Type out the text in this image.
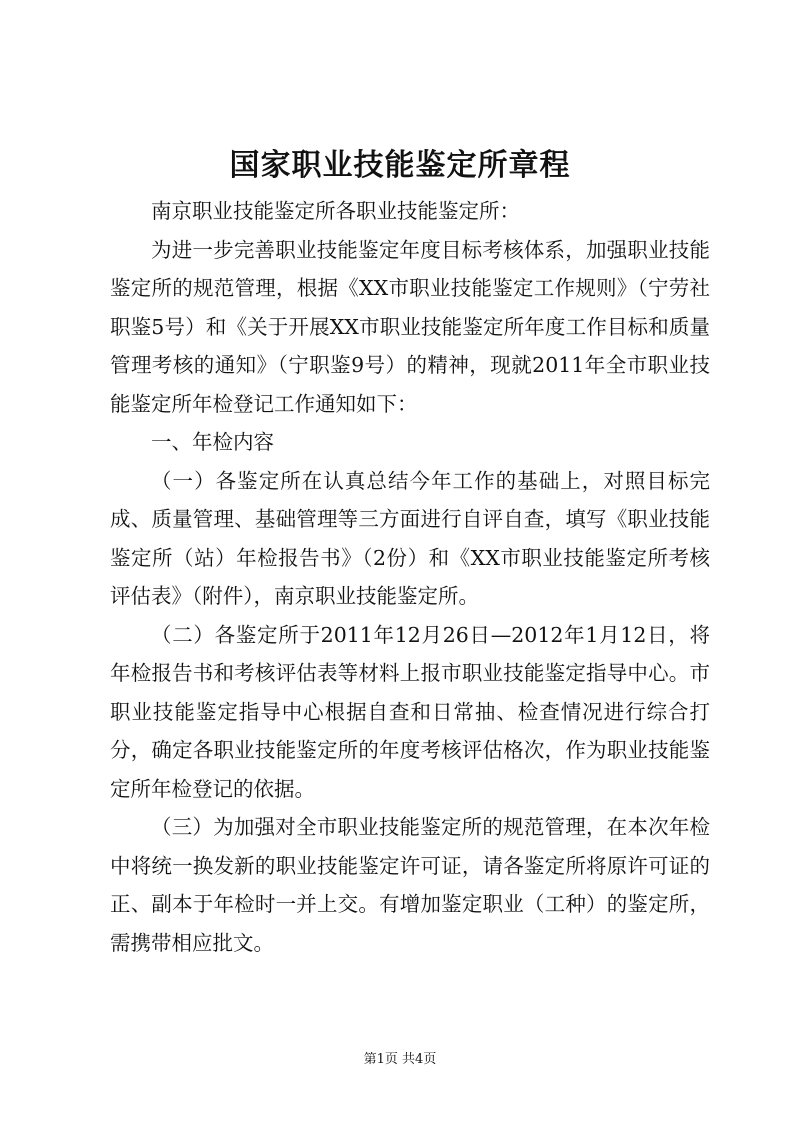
国家职业技能鉴定所章程

南京职业技能鉴定所各职业技能鉴定所：

为进一步完善职业技能鉴定年度目标考核体系，加强职业技能鉴定所的规范管理，根据《XX市职业技能鉴定工作规则》（宁劳社职鉴5号）和《关于开展XX市职业技能鉴定所年度工作目标和质量管理考核的通知》（宁职鉴9号）的精神，现就2011年全市职业技能鉴定所年检登记工作通知如下：

一、年检内容

（一）各鉴定所在认真总结今年工作的基础上，对照目标完成、质量管理、基础管理等三方面进行自评自查，填写《职业技能鉴定所（站）年检报告书》（2份）和《XX市职业技能鉴定所考核评估表》（附件），南京职业技能鉴定所。

（二）各鉴定所于2011年12月26日—2012年1月12日，将年检报告书和考核评估表等材料上报市职业技能鉴定指导中心。市职业技能鉴定指导中心根据自查和日常抽、检查情况进行综合打分，确定各职业技能鉴定所的年度考核评估格次，作为职业技能鉴定所年检登记的依据。

（三）为加强对全市职业技能鉴定所的规范管理，在本次年检中将统一换发新的职业技能鉴定许可证，请各鉴定所将原许可证的正、副本于年检时一并上交。有增加鉴定职业（工种）的鉴定所，需携带相应批文。

第1页 共4页
